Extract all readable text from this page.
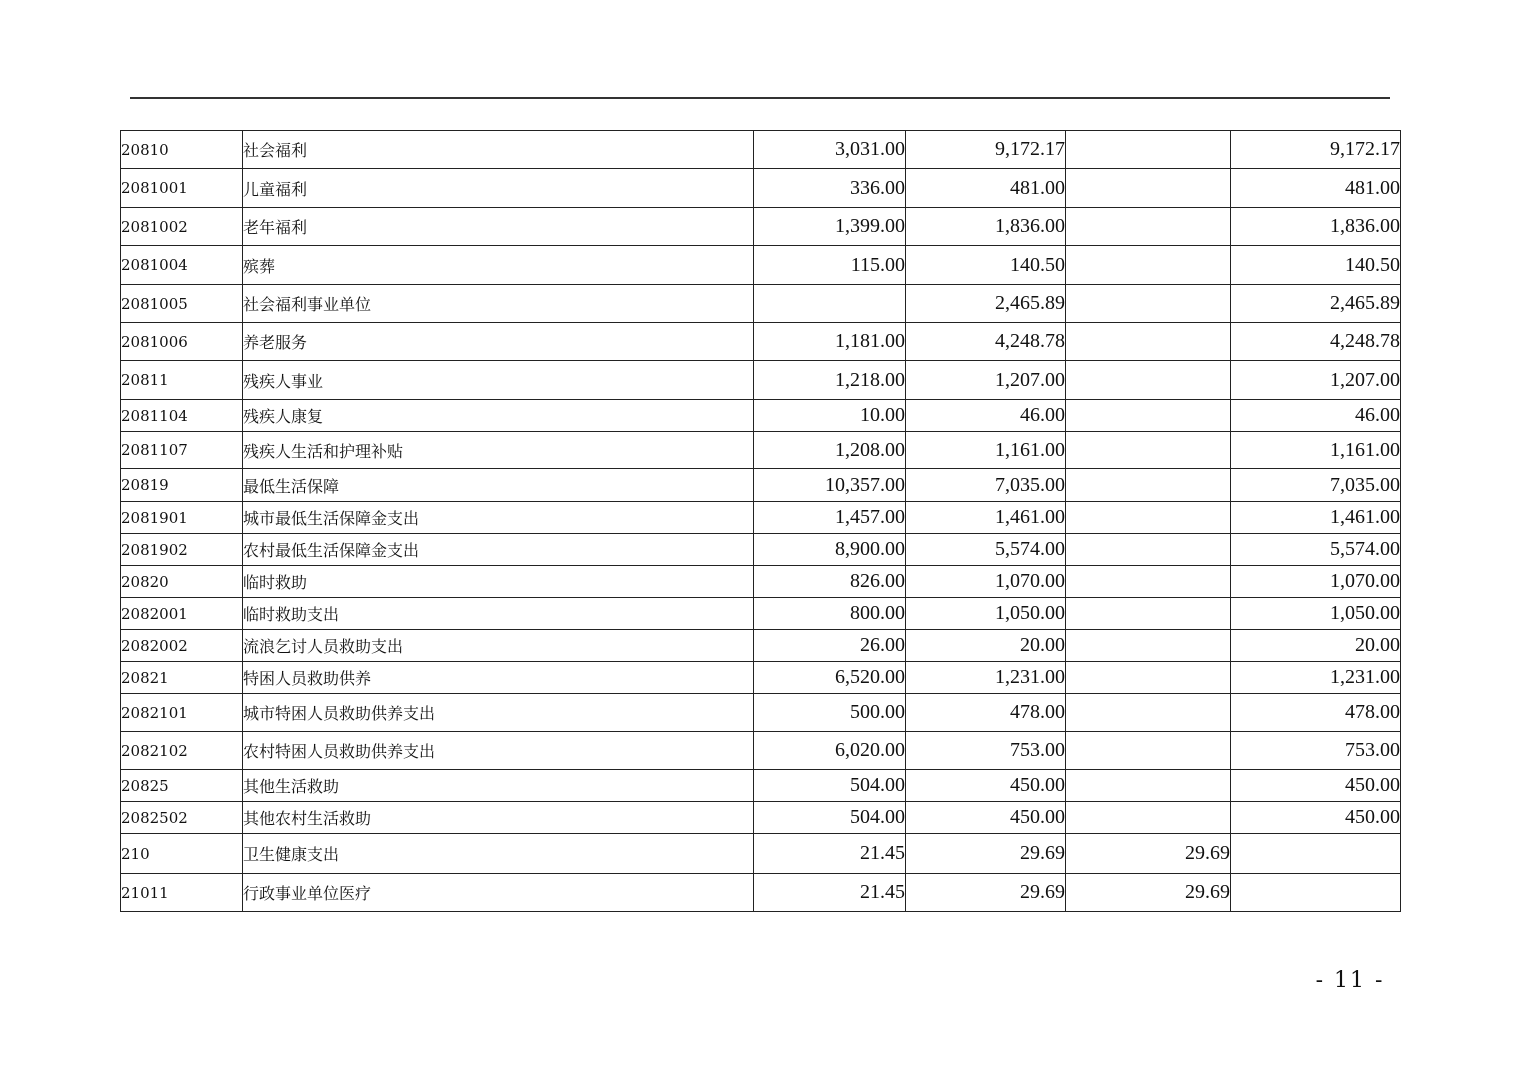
20810	社会福利	3,031.00	9,172.17		9,172.17
2081001	儿童福利	336.00	481.00		481.00
2081002	老年福利	1,399.00	1,836.00		1,836.00
2081004	殡葬	115.00	140.50		140.50
2081005	社会福利事业单位		2,465.89		2,465.89
2081006	养老服务	1,181.00	4,248.78		4,248.78
20811	残疾人事业	1,218.00	1,207.00		1,207.00
2081104	残疾人康复	10.00	46.00		46.00
2081107	残疾人生活和护理补贴	1,208.00	1,161.00		1,161.00
20819	最低生活保障	10,357.00	7,035.00		7,035.00
2081901	城市最低生活保障金支出	1,457.00	1,461.00		1,461.00
2081902	农村最低生活保障金支出	8,900.00	5,574.00		5,574.00
20820	临时救助	826.00	1,070.00		1,070.00
2082001	临时救助支出	800.00	1,050.00		1,050.00
2082002	流浪乞讨人员救助支出	26.00	20.00		20.00
20821	特困人员救助供养	6,520.00	1,231.00		1,231.00
2082101	城市特困人员救助供养支出	500.00	478.00		478.00
2082102	农村特困人员救助供养支出	6,020.00	753.00		753.00
20825	其他生活救助	504.00	450.00		450.00
2082502	其他农村生活救助	504.00	450.00		450.00
210	卫生健康支出	21.45	29.69	29.69	
21011	行政事业单位医疗	21.45	29.69	29.69	
- 11 -
